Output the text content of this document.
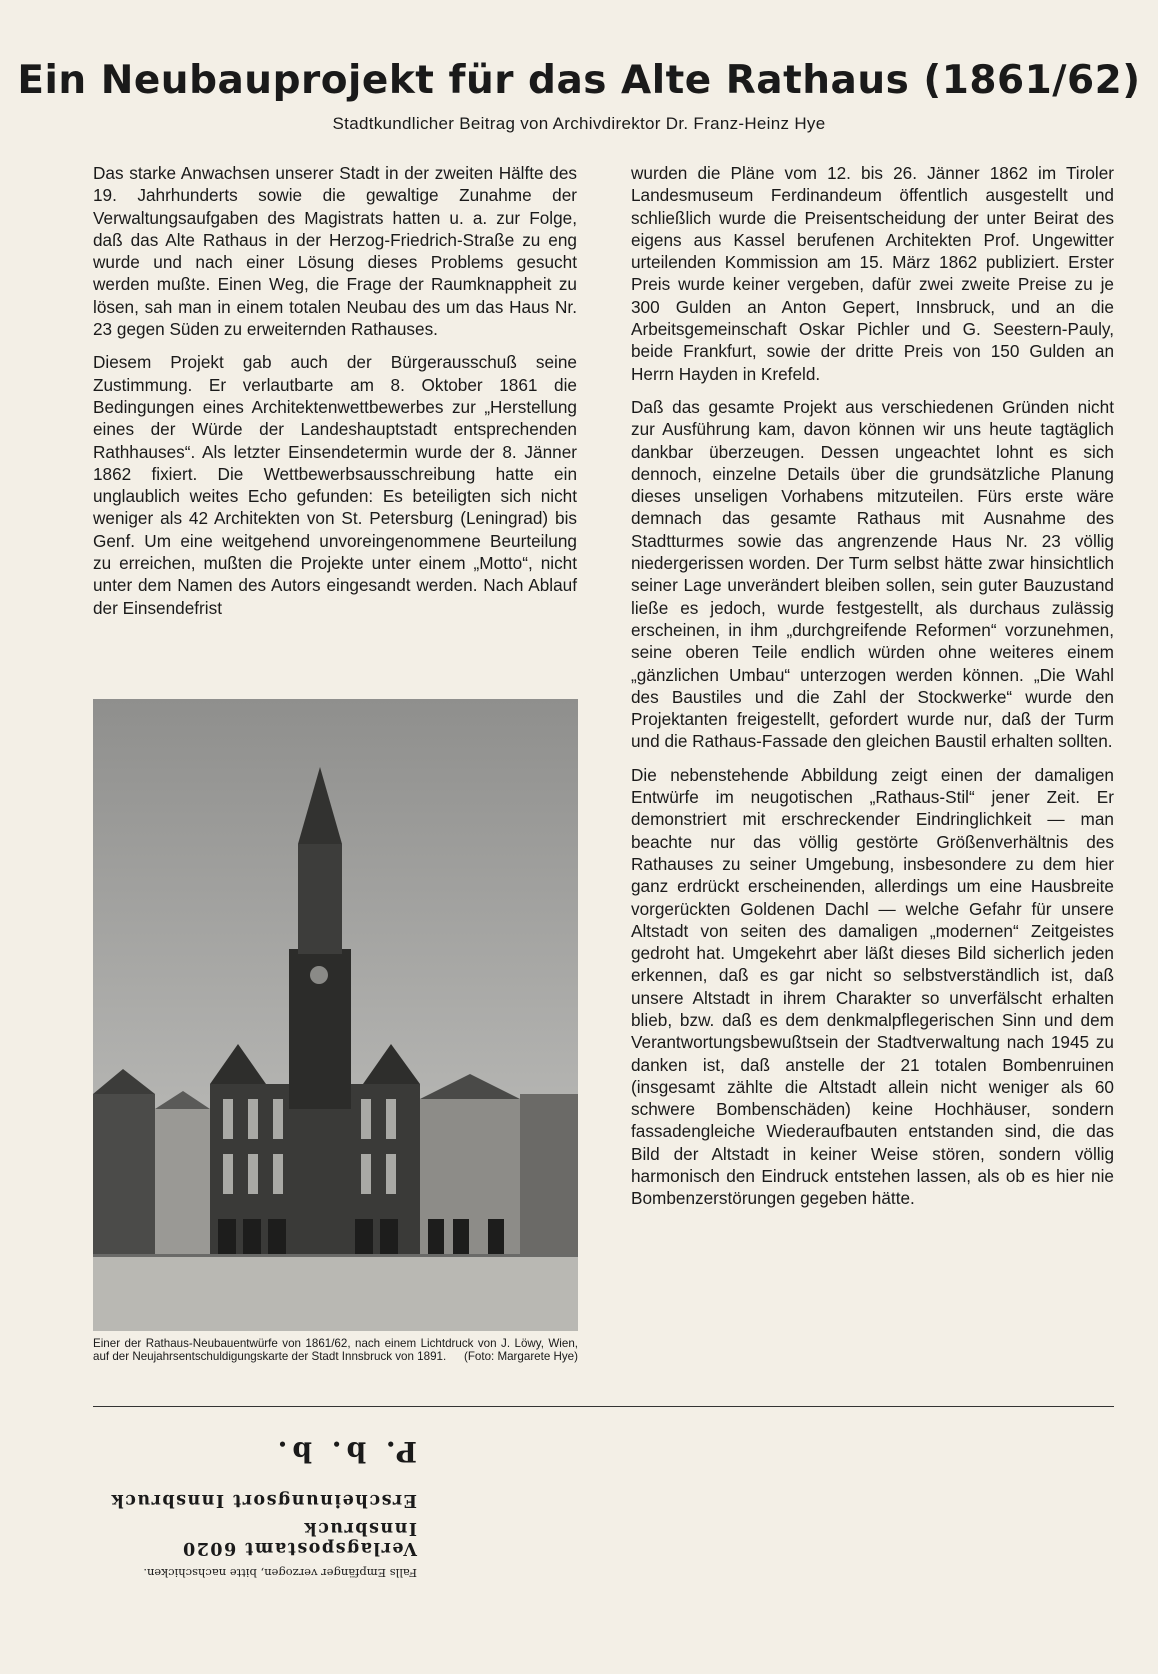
Ein Neubauprojekt für das Alte Rathaus (1861/62)

Stadtkundlicher Beitrag von Archivdirektor Dr. Franz-Heinz Hye

Das starke Anwachsen unserer Stadt in der zweiten Hälfte des 19. Jahrhunderts sowie die gewaltige Zunahme der Verwaltungsaufgaben des Magistrats hatten u. a. zur Folge, daß das Alte Rathaus in der Herzog-Friedrich-Straße zu eng wurde und nach einer Lösung dieses Problems gesucht werden mußte. Einen Weg, die Frage der Raumknappheit zu lösen, sah man in einem totalen Neubau des um das Haus Nr. 23 gegen Süden zu erweiternden Rathauses.

Diesem Projekt gab auch der Bürgerausschuß seine Zustimmung. Er verlautbarte am 8. Oktober 1861 die Bedingungen eines Architektenwettbewerbes zur „Herstellung eines der Würde der Landeshauptstadt entsprechenden Rathhauses“. Als letzter Einsendetermin wurde der 8. Jänner 1862 fixiert. Die Wettbewerbsausschreibung hatte ein unglaublich weites Echo gefunden: Es beteiligten sich nicht weniger als 42 Architekten von St. Petersburg (Leningrad) bis Genf. Um eine weitgehend unvoreingenommene Beurteilung zu erreichen, mußten die Projekte unter einem „Motto“, nicht unter dem Namen des Autors eingesandt werden. Nach Ablauf der Einsendefrist

Einer der Rathaus-Neubauentwürfe von 1861/62, nach einem Lichtdruck von J. Löwy, Wien, auf der Neujahrsentschuldigungskarte der Stadt Innsbruck von 1891. (Foto: Margarete Hye)

wurden die Pläne vom 12. bis 26. Jänner 1862 im Tiroler Landesmuseum Ferdinandeum öffentlich ausgestellt und schließlich wurde die Preisentscheidung der unter Beirat des eigens aus Kassel berufenen Architekten Prof. Ungewitter urteilenden Kommission am 15. März 1862 publiziert. Erster Preis wurde keiner vergeben, dafür zwei zweite Preise zu je 300 Gulden an Anton Gepert, Innsbruck, und an die Arbeitsgemeinschaft Oskar Pichler und G. Seestern-Pauly, beide Frankfurt, sowie der dritte Preis von 150 Gulden an Herrn Hayden in Krefeld.

Daß das gesamte Projekt aus verschiedenen Gründen nicht zur Ausführung kam, davon können wir uns heute tagtäglich dankbar überzeugen. Dessen ungeachtet lohnt es sich dennoch, einzelne Details über die grundsätzliche Planung dieses unseligen Vorhabens mitzuteilen. Fürs erste wäre demnach das gesamte Rathaus mit Ausnahme des Stadtturmes sowie das angrenzende Haus Nr. 23 völlig niedergerissen worden. Der Turm selbst hätte zwar hinsichtlich seiner Lage unverändert bleiben sollen, sein guter Bauzustand ließe es jedoch, wurde festgestellt, als durchaus zulässig erscheinen, in ihm „durchgreifende Reformen“ vorzunehmen, seine oberen Teile endlich würden ohne weiteres einem „gänzlichen Umbau“ unterzogen werden können. „Die Wahl des Baustiles und die Zahl der Stockwerke“ wurde den Projektanten freigestellt, gefordert wurde nur, daß der Turm und die Rathaus-Fassade den gleichen Baustil erhalten sollten.

Die nebenstehende Abbildung zeigt einen der damaligen Entwürfe im neugotischen „Rathaus-Stil“ jener Zeit. Er demonstriert mit erschreckender Eindringlichkeit — man beachte nur das völlig gestörte Größenverhältnis des Rathauses zu seiner Umgebung, insbesondere zu dem hier ganz erdrückt erscheinenden, allerdings um eine Hausbreite vorgerückten Goldenen Dachl — welche Gefahr für unsere Altstadt von seiten des damaligen „modernen“ Zeitgeistes gedroht hat. Umgekehrt aber läßt dieses Bild sicherlich jeden erkennen, daß es gar nicht so selbstverständlich ist, daß unsere Altstadt in ihrem Charakter so unverfälscht erhalten blieb, bzw. daß es dem denkmalpflegerischen Sinn und dem Verantwortungsbewußtsein der Stadtverwaltung nach 1945 zu danken ist, daß anstelle der 21 totalen Bombenruinen (insgesamt zählte die Altstadt allein nicht weniger als 60 schwere Bombenschäden) keine Hochhäuser, sondern fassadengleiche Wiederaufbauten entstanden sind, die das Bild der Altstadt in keiner Weise stören, sondern völlig harmonisch den Eindruck entstehen lassen, als ob es hier nie Bombenzerstörungen gegeben hätte.

Falls Empfänger verzogen, bitte nachschicken.

Verlagspostamt 6020 Innsbruck

Erscheinungsort Innsbruck

P. b. b.
